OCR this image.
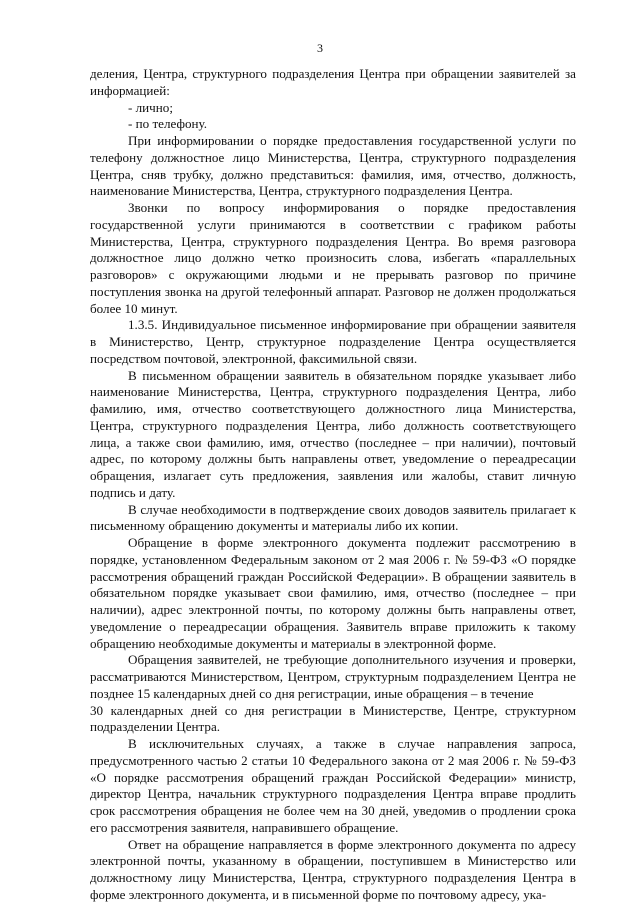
3

деления, Центра, структурного подразделения Центра при обращении заявителей за информацией:

- лично;

- по телефону.

При информировании о порядке предоставления государственной услуги по телефону должностное лицо Министерства, Центра, структурного подразделения Центра, сняв трубку, должно представиться: фамилия, имя, отчество, должность, наименование Министерства, Центра, структурного подразделения Центра.

Звонки по вопросу информирования о порядке предоставления государственной услуги принимаются в соответствии с графиком работы Министерства, Центра, структурного подразделения Центра. Во время разговора должностное лицо должно четко произносить слова, избегать «параллельных разговоров» с окружающими людьми и не прерывать разговор по причине поступления звонка на другой телефонный аппарат. Разговор не должен продолжаться более 10 минут.

1.3.5. Индивидуальное письменное информирование при обращении заявителя в Министерство, Центр, структурное подразделение Центра осуществляется посредством почтовой, электронной, факсимильной связи.

В письменном обращении заявитель в обязательном порядке указывает либо наименование Министерства, Центра, структурного подразделения Центра, либо фамилию, имя, отчество соответствующего должностного лица Министерства, Центра, структурного подразделения Центра, либо должность соответствующего лица, а также свои фамилию, имя, отчество (последнее – при наличии), почтовый адрес, по которому должны быть направлены ответ, уведомление о переадресации обращения, излагает суть предложения, заявления или жалобы, ставит личную подпись и дату.

В случае необходимости в подтверждение своих доводов заявитель прилагает к письменному обращению документы и материалы либо их копии.

Обращение в форме электронного документа подлежит рассмотрению в порядке, установленном Федеральным законом от 2 мая 2006 г. № 59-ФЗ «О порядке рассмотрения обращений граждан Российской Федерации». В обращении заявитель в обязательном порядке указывает свои фамилию, имя, отчество (последнее – при наличии), адрес электронной почты, по которому должны быть направлены ответ, уведомление о переадресации обращения. Заявитель вправе приложить к такому обращению необходимые документы и материалы в электронной форме.

Обращения заявителей, не требующие дополнительного изучения и проверки, рассматриваются Министерством, Центром, структурным подразделением Центра не позднее 15 календарных дней со дня регистрации, иные обращения – в течение

30 календарных дней со дня регистрации в Министерстве, Центре, структурном подразделении Центра.

В исключительных случаях, а также в случае направления запроса, предусмотренного частью 2 статьи 10 Федерального закона от 2 мая 2006 г. № 59-ФЗ «О порядке рассмотрения обращений граждан Российской Федерации» министр, директор Центра, начальник структурного подразделения Центра вправе продлить срок рассмотрения обращения не более чем на 30 дней, уведомив о продлении срока его рассмотрения заявителя, направившего обращение.

Ответ на обращение направляется в форме электронного документа по адресу электронной почты, указанному в обращении, поступившем в Министерство или должностному лицу Министерства, Центра, структурного подразделения Центра в форме электронного документа, и в письменной форме по почтовому адресу, ука-
